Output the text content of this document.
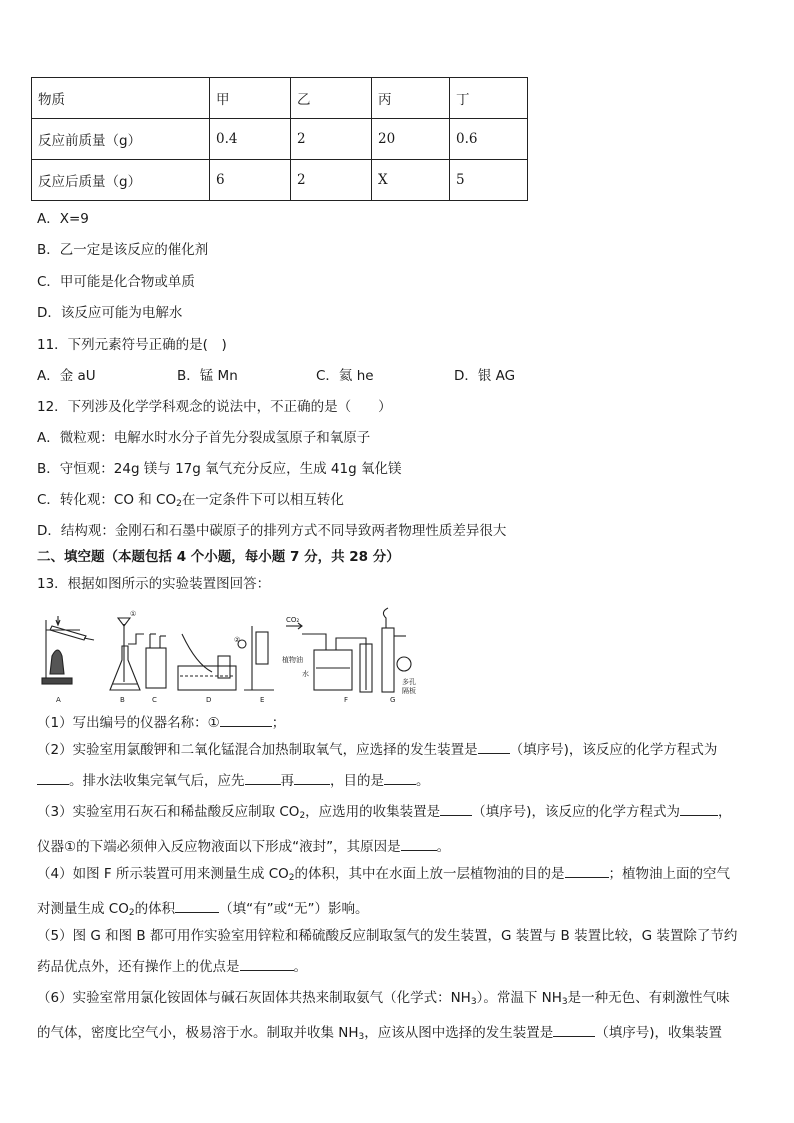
物质	甲	乙	丙	丁
反应前质量（g）	0.4	2	20	0.6
反应后质量（g）	6	2	X	5
A．X=9
B．乙一定是该反应的催化剂
C．甲可能是化合物或单质
D．该反应可能为电解水
11．下列元素符号正确的是(　)
A．金 aU	B．锰 Mn	C．氦 he	D．银 AG
12．下列涉及化学学科观念的说法中，不正确的是（　　）
A．微粒观：电解水时水分子首先分裂成氢原子和氧原子
B．守恒观：24g 镁与 17g 氧气充分反应，生成 41g 氧化镁
C．转化观：CO 和 $CO_2$在一定条件下可以相互转化
D．结构观：金刚石和石墨中碳原子的排列方式不同导致两者物理性质差异很大
二、填空题（本题包括 4 个小题，每小题 7 分，共 28 分）
13．根据如图所示的实验装置图回答：
A	B	C	D	E	F	G
①
②
CO₂
植物油
水
多孔
隔板
（1）写出编号的仪器名称：①	；
（2）实验室用氯酸钾和二氧化锰混合加热制取氧气，应选择的发生装置是 （填序号)，该反应的化学方程式为
。排水法收集完氧气后，应先	再	，目的是 。
（3）实验室用石灰石和稀盐酸反应制取 $CO_2$，应选用的收集装置是 （填序号)，该反应的化学方程式为	，
仪器①的下端必须伸入反应物液面以下形成“液封”，其原因是	。
（4）如图 F 所示装置可用来测量生成 $CO_2$的体积，其中在水面上放一层植物油的目的是	；植物油上面的空气
对测量生成 $CO_2$的体积	（填“有”或“无”）影响。
（5）图 G 和图 B 都可用作实验室用锌粒和稀硫酸反应制取氢气的发生装置，G 装置与 B 装置比较，G 装置除了节约
药品优点外，还有操作上的优点是	。
（6）实验室常用氯化铵固体与碱石灰固体共热来制取氨气（化学式：$NH_3$）。常温下 $NH_3$是一种无色、有刺激性气味
的气体，密度比空气小，极易溶于水。制取并收集 $NH_3$，应该从图中选择的发生装置是	（填序号)，收集装置
